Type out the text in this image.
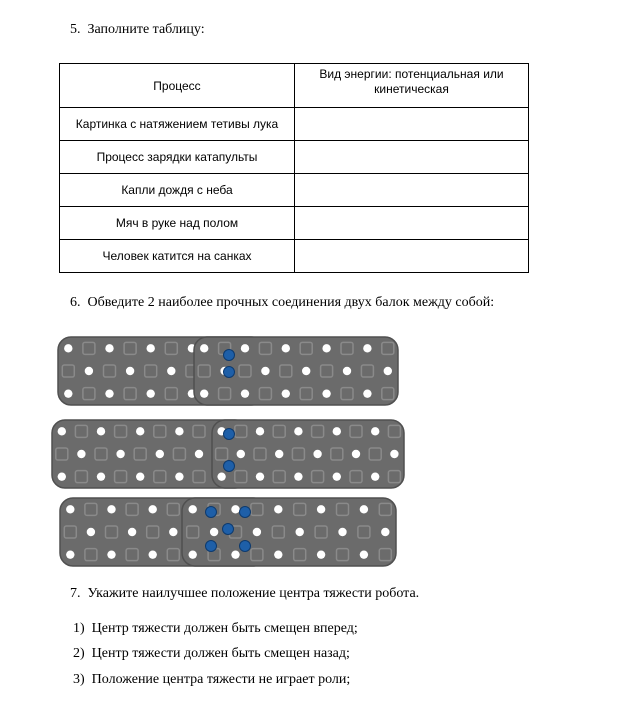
5. Заполните таблицу:
Процесс	Вид энергии: потенциальная или кинетическая
Картинка с натяжением тетивы лука	
Процесс зарядки катапульты	
Капли дождя с неба	
Мяч в руке над полом	
Человек катится на санках	
6. Обведите 2 наиболее прочных соединения двух балок между собой:
7. Укажите наилучшее положение центра тяжести робота.
1) Центр тяжести должен быть смещен вперед;
2) Центр тяжести должен быть смещен назад;
3) Положение центра тяжести не играет роли;
